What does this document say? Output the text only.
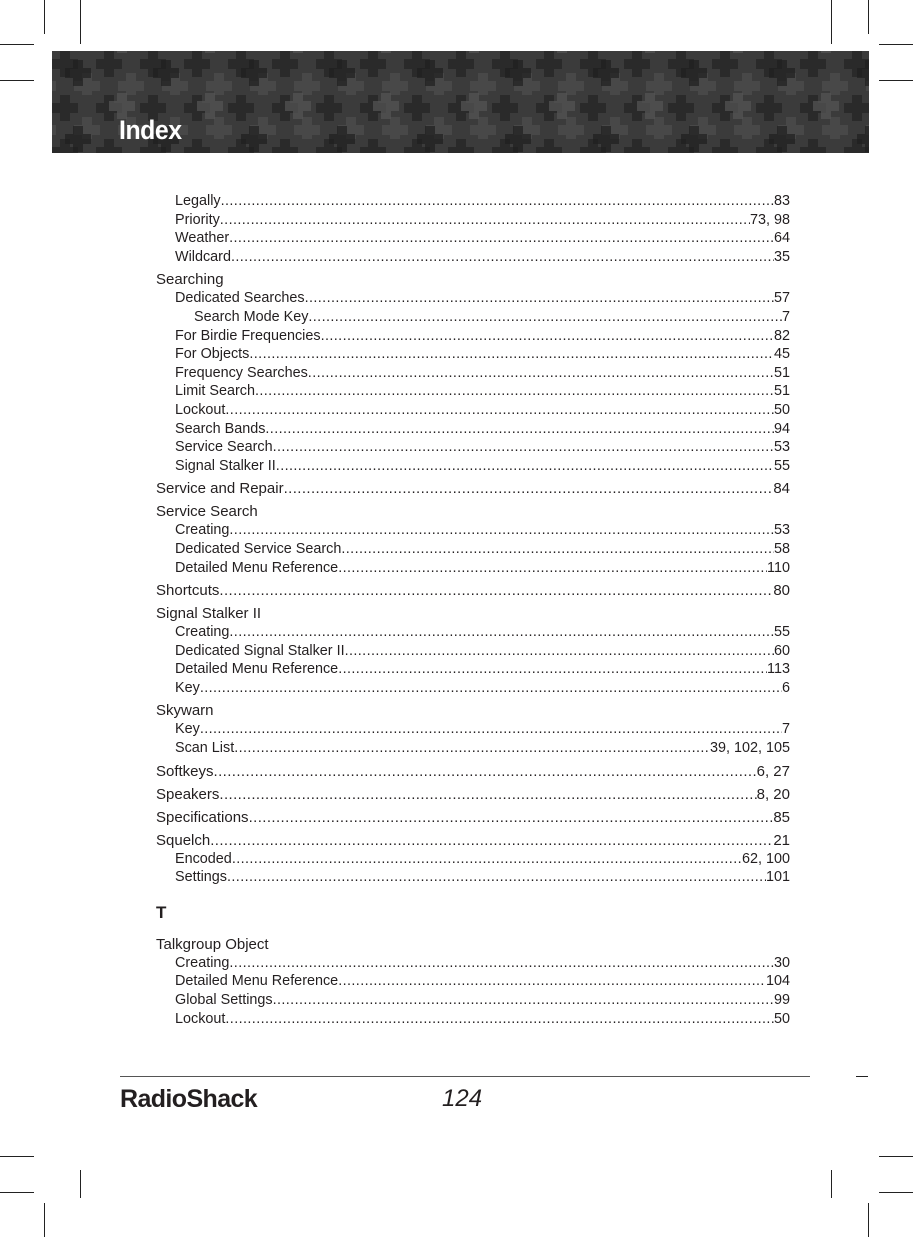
Index
Legally .....	83
Priority .....	73, 98
Weather .....	64
Wildcard .....	35
Searching
Dedicated Searches .....	57
Search Mode Key .....	7
For Birdie Frequencies .....	82
For Objects .....	45
Frequency Searches .....	51
Limit Search .....	51
Lockout .....	50
Search Bands .....	94
Service Search .....	53
Signal Stalker II .....	55
Service and Repair .....	84
Service Search
Creating .....	53
Dedicated Service Search .....	58
Detailed Menu Reference .....	110
Shortcuts .....	80
Signal Stalker II
Creating .....	55
Dedicated Signal Stalker II .....	60
Detailed Menu Reference .....	113
Key .....	6
Skywarn
Key .....	7
Scan List .....	39, 102, 105
Softkeys .....	6, 27
Speakers .....	8, 20
Specifications .....	85
Squelch .....	21
Encoded .....	62, 100
Settings .....	101
T
Talkgroup Object
Creating .....	30
Detailed Menu Reference .....	104
Global Settings .....	99
Lockout .....	50
RadioShack	124
